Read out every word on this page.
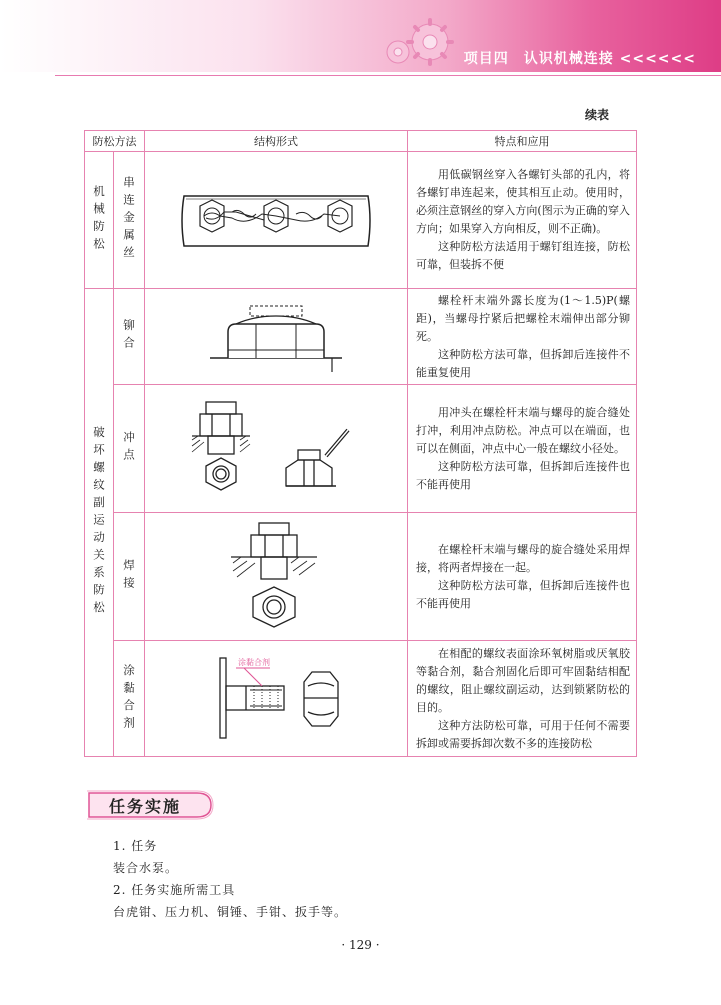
项目四　认识机械连接 <<<<<<
续表
防松方法		结构形式	特点和应用

机械防松	串连金属丝		用低碳钢丝穿入各螺钉头部的孔内，将各螺钉串连起来，使其相互止动。使用时，必须注意钢丝的穿入方向(图示为正确的穿入方向；如果穿入方向相反，则不正确)。

这种防松方法适用于螺钉组连接，防松可靠，但装拆不便

破坏螺纹副运动关系防松	铆合		螺栓杆末端外露长度为(1～1.5)P(螺距)，当螺母拧紧后把螺栓末端伸出部分铆死。

这种防松方法可靠，但拆卸后连接件不能重复使用

	冲点		用冲头在螺栓杆末端与螺母的旋合缝处打冲，利用冲点防松。冲点可以在端面，也可以在侧面，冲点中心一般在螺纹小径处。

这种防松方法可靠，但拆卸后连接件也不能再使用

	焊接		在螺栓杆末端与螺母的旋合缝处采用焊接，将两者焊接在一起。

这种防松方法可靠，但拆卸后连接件也不能再使用

	涂黏合剂	涂黏合剂	在相配的螺纹表面涂环氧树脂或厌氧胶等黏合剂，黏合剂固化后即可牢固黏结相配的螺纹，阻止螺纹副运动，达到锁紧防松的目的。

这种方法防松可靠，可用于任何不需要拆卸或需要拆卸次数不多的连接防松

任务实施
1. 任务
装合水泵。
2. 任务实施所需工具
台虎钳、压力机、铜锤、手钳、扳手等。
· 129 ·
